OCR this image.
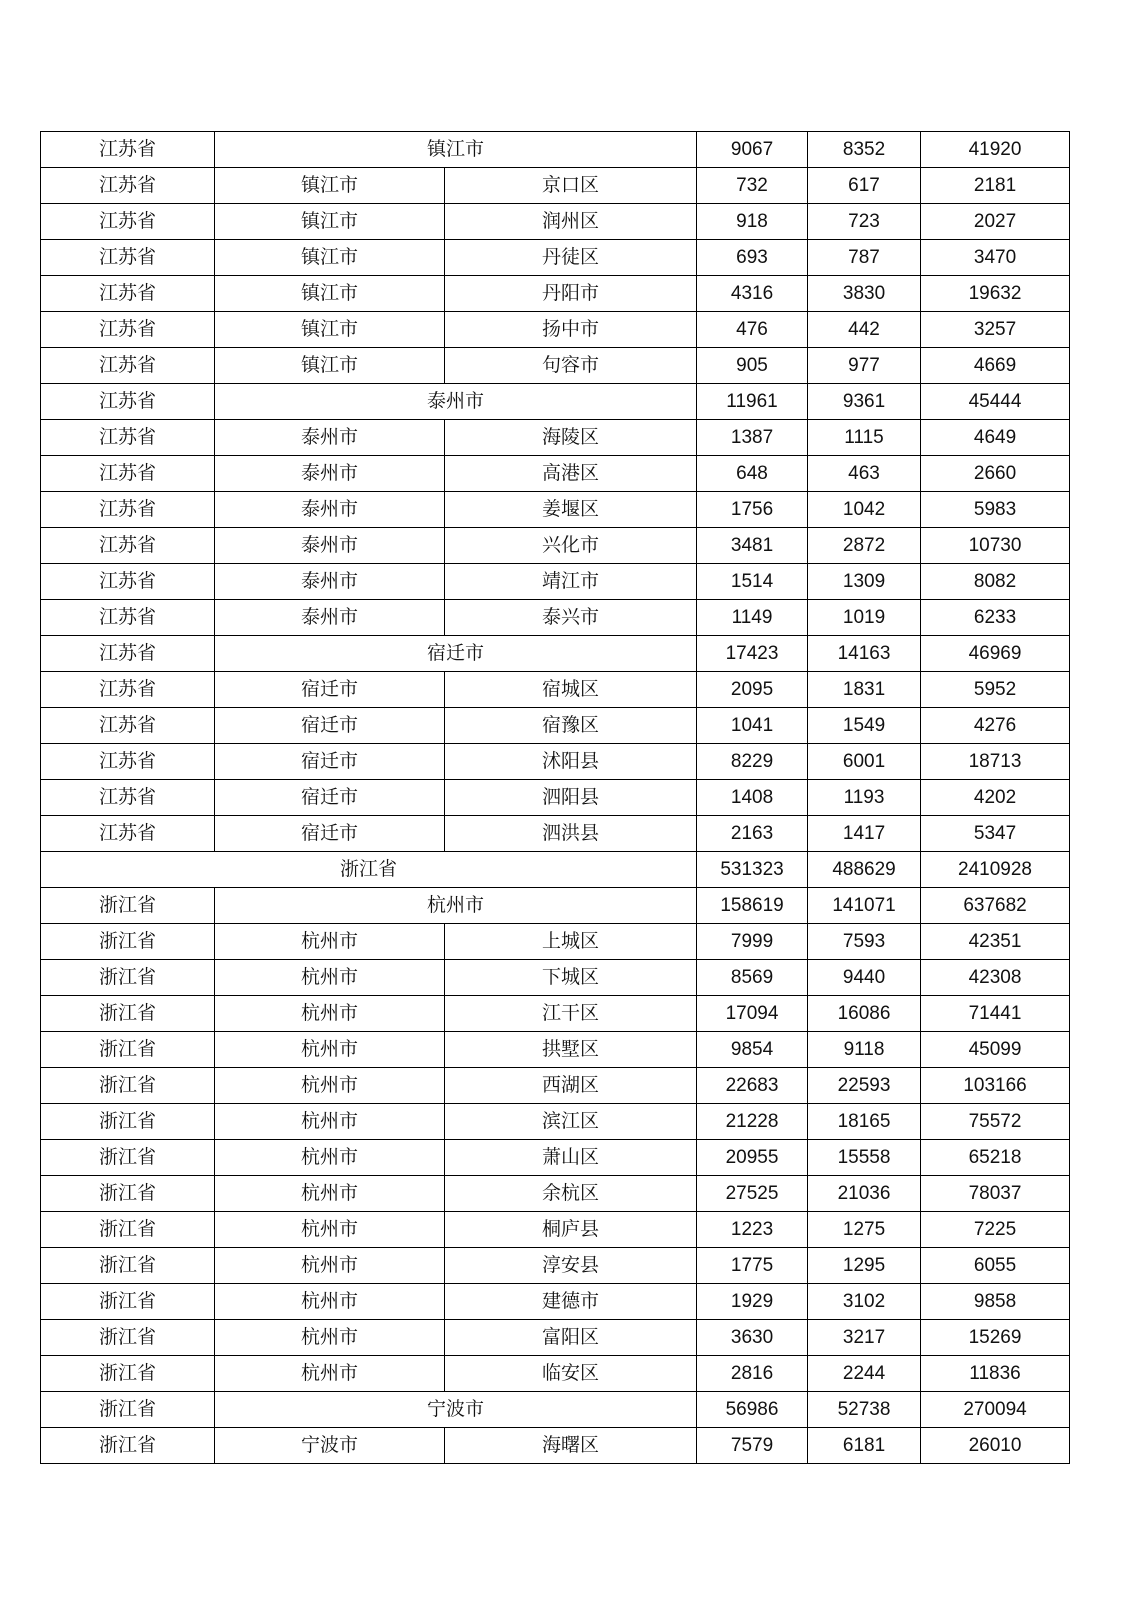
江苏省	镇江市		9067	8352	41920
江苏省	镇江市	京口区	732	617	2181
江苏省	镇江市	润州区	918	723	2027
江苏省	镇江市	丹徒区	693	787	3470
江苏省	镇江市	丹阳市	4316	3830	19632
江苏省	镇江市	扬中市	476	442	3257
江苏省	镇江市	句容市	905	977	4669
江苏省	泰州市		11961	9361	45444
江苏省	泰州市	海陵区	1387	1115	4649
江苏省	泰州市	高港区	648	463	2660
江苏省	泰州市	姜堰区	1756	1042	5983
江苏省	泰州市	兴化市	3481	2872	10730
江苏省	泰州市	靖江市	1514	1309	8082
江苏省	泰州市	泰兴市	1149	1019	6233
江苏省	宿迁市		17423	14163	46969
江苏省	宿迁市	宿城区	2095	1831	5952
江苏省	宿迁市	宿豫区	1041	1549	4276
江苏省	宿迁市	沭阳县	8229	6001	18713
江苏省	宿迁市	泗阳县	1408	1193	4202
江苏省	宿迁市	泗洪县	2163	1417	5347
浙江省			531323	488629	2410928
浙江省	杭州市		158619	141071	637682
浙江省	杭州市	上城区	7999	7593	42351
浙江省	杭州市	下城区	8569	9440	42308
浙江省	杭州市	江干区	17094	16086	71441
浙江省	杭州市	拱墅区	9854	9118	45099
浙江省	杭州市	西湖区	22683	22593	103166
浙江省	杭州市	滨江区	21228	18165	75572
浙江省	杭州市	萧山区	20955	15558	65218
浙江省	杭州市	余杭区	27525	21036	78037
浙江省	杭州市	桐庐县	1223	1275	7225
浙江省	杭州市	淳安县	1775	1295	6055
浙江省	杭州市	建德市	1929	3102	9858
浙江省	杭州市	富阳区	3630	3217	15269
浙江省	杭州市	临安区	2816	2244	11836
浙江省	宁波市		56986	52738	270094
浙江省	宁波市	海曙区	7579	6181	26010
